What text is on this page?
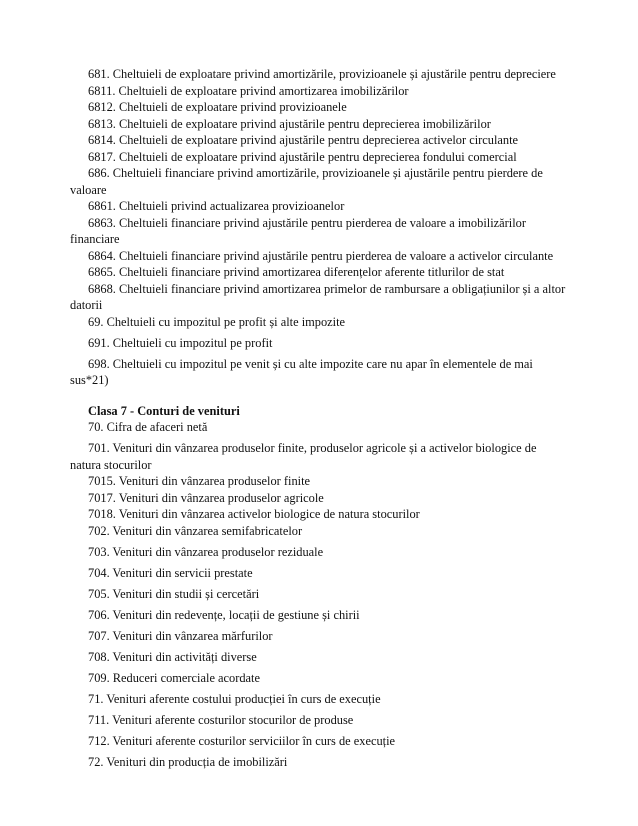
681. Cheltuieli de exploatare privind amortizările, provizioanele și ajustările pentru depreciere
6811. Cheltuieli de exploatare privind amortizarea imobilizărilor
6812. Cheltuieli de exploatare privind provizioanele
6813. Cheltuieli de exploatare privind ajustările pentru deprecierea imobilizărilor
6814. Cheltuieli de exploatare privind ajustările pentru deprecierea activelor circulante
6817. Cheltuieli de exploatare privind ajustările pentru deprecierea fondului comercial
686. Cheltuieli financiare privind amortizările, provizioanele și ajustările pentru pierdere de valoare
6861. Cheltuieli privind actualizarea provizioanelor
6863. Cheltuieli financiare privind ajustările pentru pierderea de valoare a imobilizărilor financiare
6864. Cheltuieli financiare privind ajustările pentru pierderea de valoare a activelor circulante
6865. Cheltuieli financiare privind amortizarea diferențelor aferente titlurilor de stat
6868. Cheltuieli financiare privind amortizarea primelor de rambursare a obligațiunilor și a altor datorii
69. Cheltuieli cu impozitul pe profit și alte impozite
691. Cheltuieli cu impozitul pe profit
698. Cheltuieli cu impozitul pe venit și cu alte impozite care nu apar în elementele de mai sus*21)
Clasa 7 - Conturi de venituri
70. Cifra de afaceri netă
701. Venituri din vânzarea produselor finite, produselor agricole și a activelor biologice de natura stocurilor
7015. Venituri din vânzarea produselor finite
7017. Venituri din vânzarea produselor agricole
7018. Venituri din vânzarea activelor biologice de natura stocurilor
702. Venituri din vânzarea semifabricatelor
703. Venituri din vânzarea produselor reziduale
704. Venituri din servicii prestate
705. Venituri din studii și cercetări
706. Venituri din redevențe, locații de gestiune și chirii
707. Venituri din vânzarea mărfurilor
708. Venituri din activități diverse
709. Reduceri comerciale acordate
71. Venituri aferente costului producției în curs de execuție
711. Venituri aferente costurilor stocurilor de produse
712. Venituri aferente costurilor serviciilor în curs de execuție
72. Venituri din producția de imobilizări
